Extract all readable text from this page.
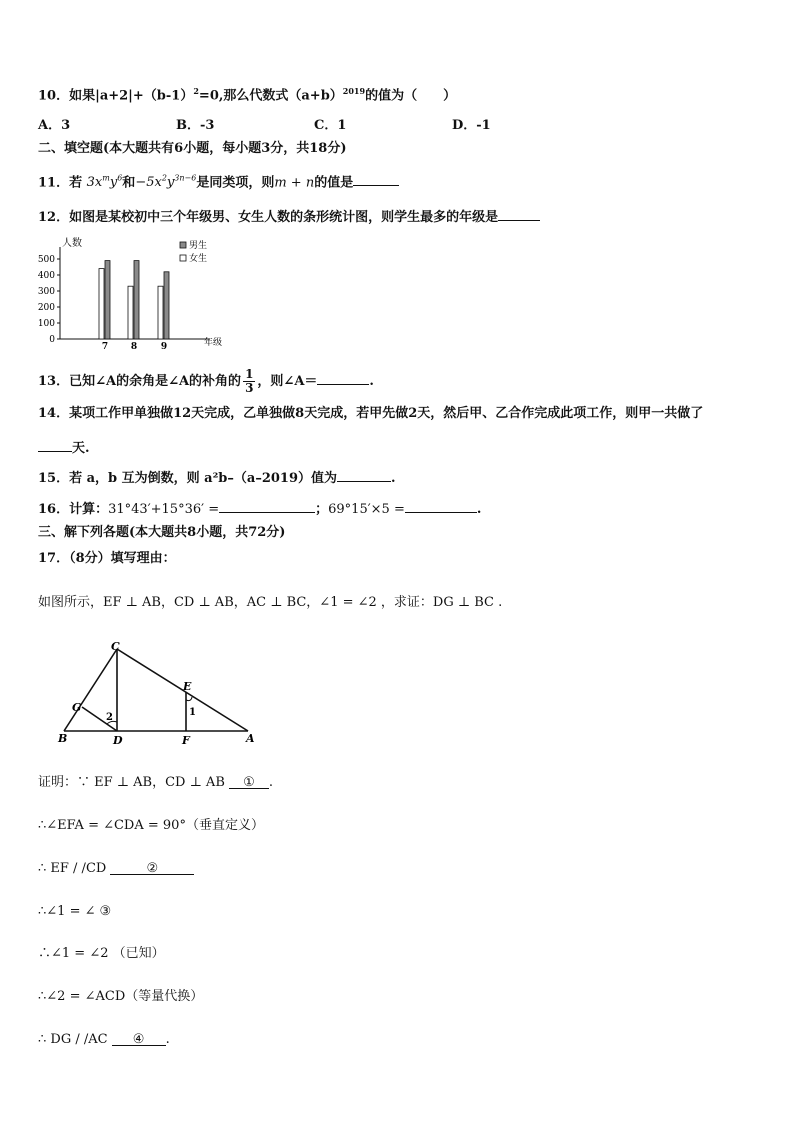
10．如果$|a+2|+(b-1)^2=0$,那么代数式$(a+b)^{2019}$的值为（　　）
A．3	B．-3	C．1	D．-1
二、填空题(本大题共有6小题，每小题3分，共18分)
11．若 $3x^my^6$和$-5x^2y^{3n-6}$是同类项，则m + n的值是
12．如图是某校初中三个年级男、女生人数的条形统计图，则学生最多的年级是
0
100
200
300
400
500
人数
年级
7	8	9
男生
女生
13．已知∠A的余角是∠A的补角的 $\frac{1}{3}$ ，则∠A＝	.
14．某项工作甲单独做12天完成，乙单独做8天完成，若甲先做2天，然后甲、乙合作完成此项工作，则甲一共做了
天.
15．若 a，b 互为倒数，则 a²b–（a–2019）值为	.
16．计算：31°43′+15°36′ =	；69°15′×5 =	.
三、解下列各题(本大题共8小题，共72分)
17．（8分）填写理由：
如图所示，EF ⊥ AB，CD ⊥ AB，AC ⊥ BC，∠1 = ∠2 ，求证：DG ⊥ BC .
C
E
G
B	D	F	A
2	1
证明：∵ EF ⊥ AB，CD ⊥ AB ① .
∴∠EFA = ∠CDA = 90°（垂直定义）
∴ EF / /CD	②
∴∠1 = ∠ ③
∴∠1 = ∠2 （已知）
∴∠2 = ∠ACD（等量代换）
∴ DG / /AC ④ .
